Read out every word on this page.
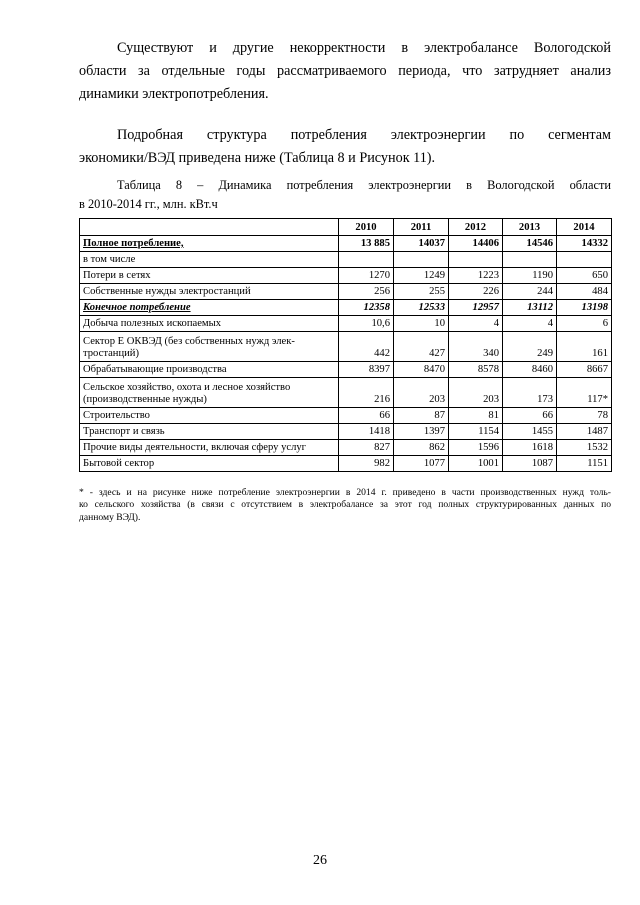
Существуют и другие некорректности в электробалансе Вологодской
области за отдельные годы рассматриваемого периода, что затрудняет анализ
динамики электропотребления.

Подробная структура потребления электроэнергии по сегментам
экономики/ВЭД приведена ниже (Таблица 8 и Рисунок 11).

Таблица 8 – Динамика потребления электроэнергии в Вологодской области
в 2010-2014 гг., млн. кВт.ч

	2010	2011	2012	2013	2014
Полное потребление,	13 885	14037	14406	14546	14332
в том числе					
Потери в сетях	1270	1249	1223	1190	650
Собственные нужды электростанций	256	255	226	244	484
Конечное потребление	12358	12533	12957	13112	13198
Добыча полезных ископаемых	10,6	10	4	4	6
Сектор Е ОКВЭД (без собственных нужд элек-тростанций)	442	427	340	249	161
Обрабатывающие производства	8397	8470	8578	8460	8667
Сельское хозяйство, охота и лесное хозяйство (производственные нужды)	216	203	203	173	117*
Строительство	66	87	81	66	78
Транспорт и связь	1418	1397	1154	1455	1487
Прочие виды деятельности, включая сферу услуг	827	862	1596	1618	1532
Бытовой сектор	982	1077	1001	1087	1151

* - здесь и на рисунке ниже потребление электроэнергии в 2014 г. приведено в части производственных нужд толь-
ко сельского хозяйства (в связи с отсутствием в электробалансе за этот год полных структурированных данных по
данному ВЭД).

26
